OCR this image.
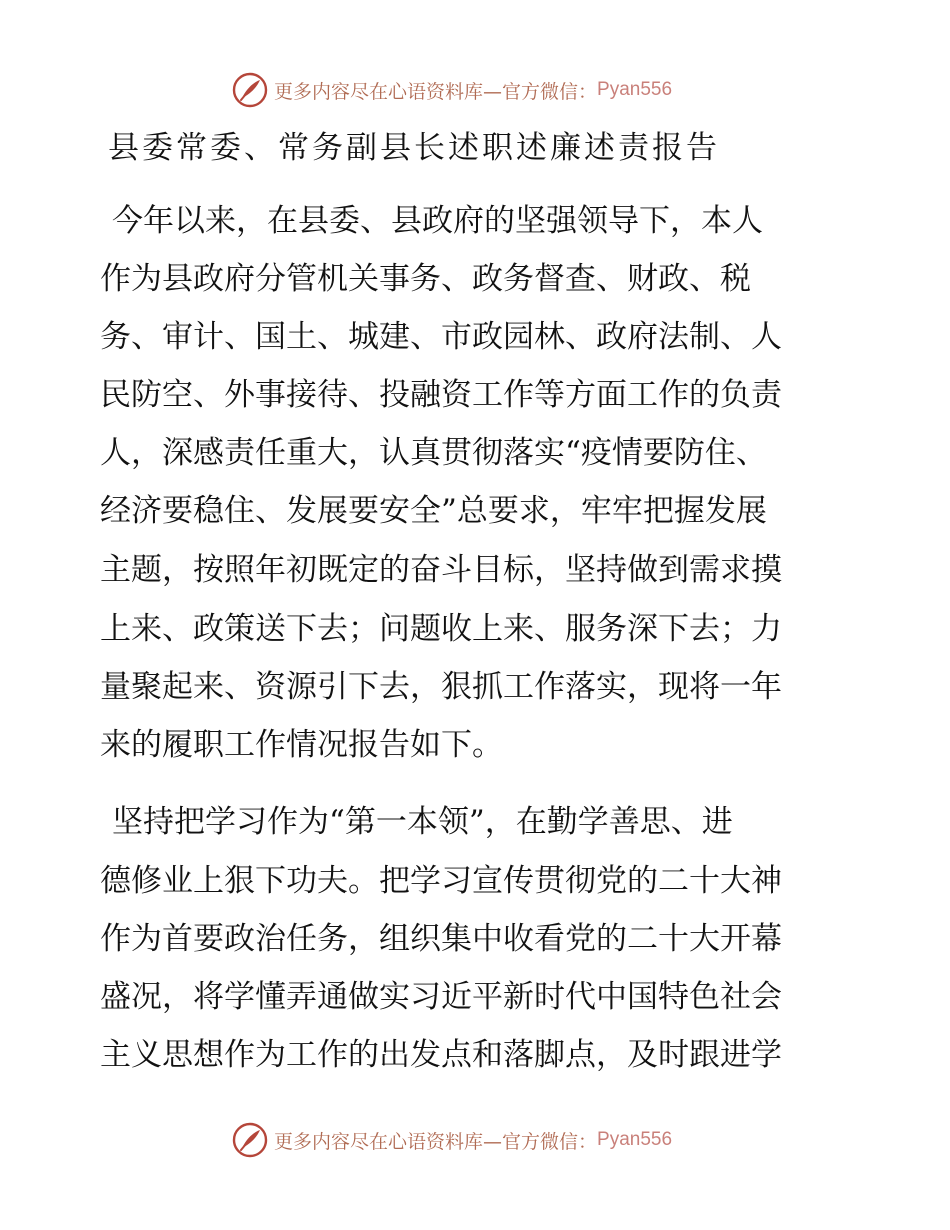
更多内容尽在心语资料库—官方微信： Pyan556
县委常委、常务副县长述职述廉述责报告
今年以来，在县委、县政府的坚强领导下，本人
作为县政府分管机关事务、政务督查、财政、税
务、审计、国土、城建、市政园林、政府法制、人
民防空、外事接待、投融资工作等方面工作的负责
人，深感责任重大，认真贯彻落实“疫情要防住、
经济要稳住、发展要安全”总要求，牢牢把握发展
主题，按照年初既定的奋斗目标，坚持做到需求摸
上来、政策送下去；问题收上来、服务深下去；力
量聚起来、资源引下去，狠抓工作落实，现将一年
来的履职工作情况报告如下。
坚持把学习作为“第一本领”，在勤学善思、进
德修业上狠下功夫。把学习宣传贯彻党的二十大神
作为首要政治任务，组织集中收看党的二十大开幕
盛况，将学懂弄通做实习近平新时代中国特色社会
主义思想作为工作的出发点和落脚点，及时跟进学
更多内容尽在心语资料库—官方微信： Pyan556
